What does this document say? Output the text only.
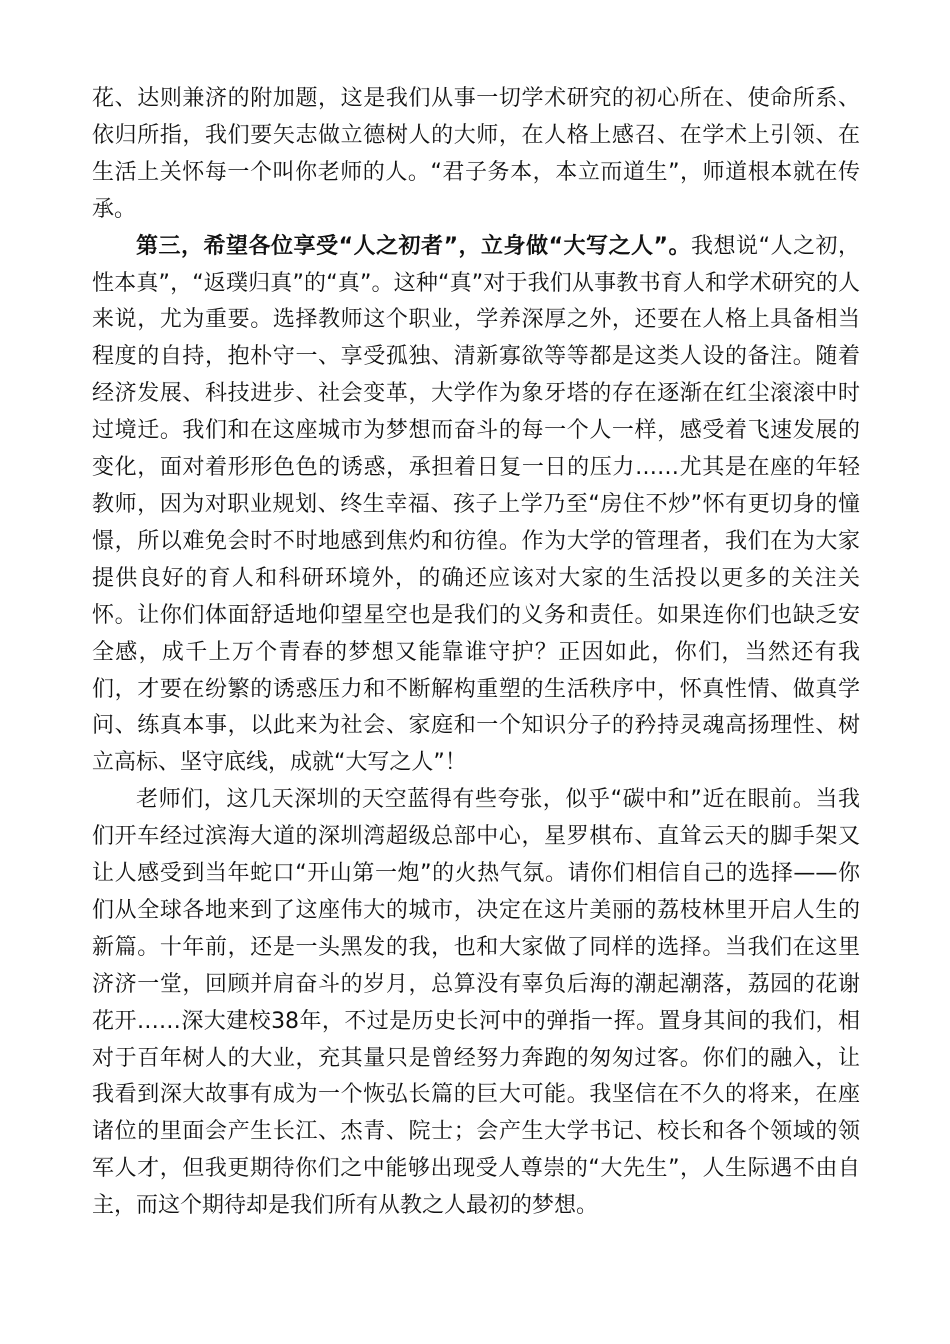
花、达则兼济的附加题，这是我们从事一切学术研究的初心所在、使命所系、依归所指，我们要矢志做立德树人的大师，在人格上感召、在学术上引领、在生活上关怀每一个叫你老师的人。“君子务本，本立而道生”，师道根本就在传承。

第三，希望各位享受“人之初者”，立身做“大写之人”。我想说“人之初，性本真”，“返璞归真”的“真”。这种“真”对于我们从事教书育人和学术研究的人来说，尤为重要。选择教师这个职业，学养深厚之外，还要在人格上具备相当程度的自持，抱朴守一、享受孤独、清新寡欲等等都是这类人设的备注。随着经济发展、科技进步、社会变革，大学作为象牙塔的存在逐渐在红尘滚滚中时过境迁。我们和在这座城市为梦想而奋斗的每一个人一样，感受着飞速发展的变化，面对着形形色色的诱惑，承担着日复一日的压力……尤其是在座的年轻教师，因为对职业规划、终生幸福、孩子上学乃至“房住不炒”怀有更切身的憧憬，所以难免会时不时地感到焦灼和彷徨。作为大学的管理者，我们在为大家提供良好的育人和科研环境外，的确还应该对大家的生活投以更多的关注关怀。让你们体面舒适地仰望星空也是我们的义务和责任。如果连你们也缺乏安全感，成千上万个青春的梦想又能靠谁守护？正因如此，你们，当然还有我们，才要在纷繁的诱惑压力和不断解构重塑的生活秩序中，怀真性情、做真学问、练真本事，以此来为社会、家庭和一个知识分子的矜持灵魂高扬理性、树立高标、坚守底线，成就“大写之人”！

老师们，这几天深圳的天空蓝得有些夸张，似乎“碳中和”近在眼前。当我们开车经过滨海大道的深圳湾超级总部中心，星罗棋布、直耸云天的脚手架又让人感受到当年蛇口“开山第一炮”的火热气氛。请你们相信自己的选择——你们从全球各地来到了这座伟大的城市，决定在这片美丽的荔枝林里开启人生的新篇。十年前，还是一头黑发的我，也和大家做了同样的选择。当我们在这里济济一堂，回顾并肩奋斗的岁月，总算没有辜负后海的潮起潮落，荔园的花谢花开……深大建校38年，不过是历史长河中的弹指一挥。置身其间的我们，相对于百年树人的大业，充其量只是曾经努力奔跑的匆匆过客。你们的融入，让我看到深大故事有成为一个恢弘长篇的巨大可能。我坚信在不久的将来，在座诸位的里面会产生长江、杰青、院士；会产生大学书记、校长和各个领域的领军人才，但我更期待你们之中能够出现受人尊崇的“大先生”，人生际遇不由自主，而这个期待却是我们所有从教之人最初的梦想。
